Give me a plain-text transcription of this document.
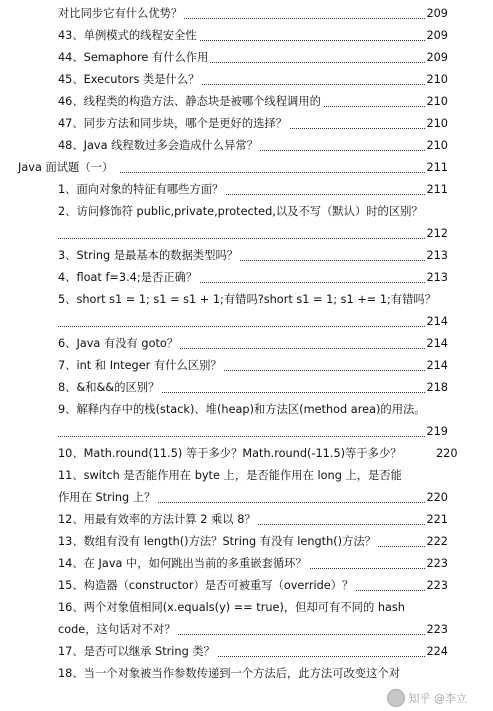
对比同步它有什么优势？	209
43、单例模式的线程安全性	209
44、Semaphore 有什么作用	209
45、Executors 类是什么？	210
46、线程类的构造方法、静态块是被哪个线程调用的	210
47、同步方法和同步块，哪个是更好的选择？	210
48、Java 线程数过多会造成什么异常？	210
Java 面试题（一）	211
1、面向对象的特征有哪些方面？	211
2、访问修饰符 public,private,protected,以及不写（默认）时的区别？
212
3、String 是最基本的数据类型吗？	213
4、float f=3.4;是否正确？	213
5、short s1 = 1; s1 = s1 + 1;有错吗?short s1 = 1; s1 += 1;有错吗？
214
6、Java 有没有 goto？	214
7、int 和 Integer 有什么区别？	214
8、&和&&的区别？	218
9、解释内存中的栈(stack)、堆(heap)和方法区(method area)的用法。
219
10、Math.round(11.5) 等于多少？Math.round(-11.5)等于多少？	220
11、switch 是否能作用在 byte 上，是否能作用在 long 上，是否能
作用在 String 上？	220
12、用最有效率的方法计算 2 乘以 8？	221
13、数组有没有 length()方法？String 有没有 length()方法？	222
14、在 Java 中，如何跳出当前的多重嵌套循环？	223
15、构造器（constructor）是否可被重写（override）？	223
16、两个对象值相同(x.equals(y) == true)，但却可有不同的 hash
code，这句话对不对？	223
17、是否可以继承 String 类？	224
18、当一个对象被当作参数传递到一个方法后，此方法可改变这个对
知乎 @李立
